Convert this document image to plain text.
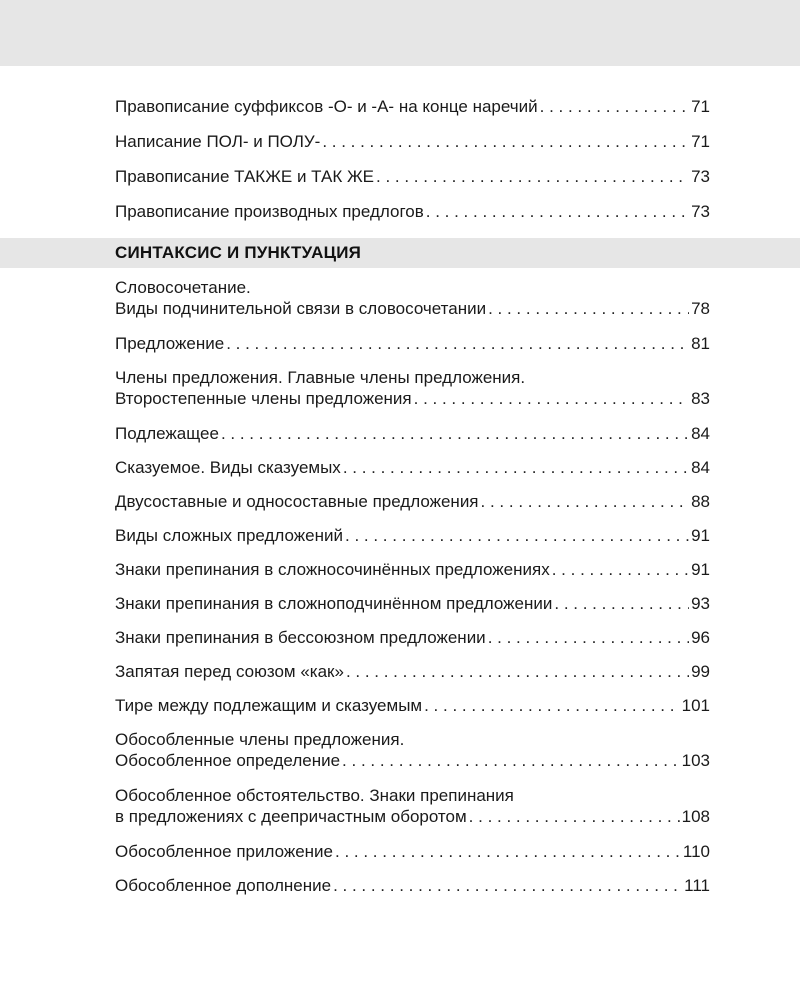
Правописание суффиксов -О- и -А- на конце наречий . . .	71
Написание ПОЛ- и ПОЛУ- . . .	71
Правописание ТАКЖЕ и ТАК ЖЕ . . .	73
Правописание производных предлогов . . .	73
СИНТАКСИС И ПУНКТУАЦИЯ
Словосочетание.
Виды подчинительной связи в словосочетании . . .	78
Предложение . . .	81
Члены предложения. Главные члены предложения.
Второстепенные члены предложения . . .	83
Подлежащее . . .	84
Сказуемое. Виды сказуемых . . .	84
Двусоставные и односоставные предложения . . .	88
Виды сложных предложений . . .	91
Знаки препинания в сложносочинённых предложениях . . .	91
Знаки препинания в сложноподчинённом предложении . . .	93
Знаки препинания в бессоюзном предложении . . .	96
Запятая перед союзом «как» . . .	99
Тире между подлежащим и сказуемым . . .	101
Обособленные члены предложения.
Обособленное определение . . .	103
Обособленное обстоятельство. Знаки препинания
в предложениях с деепричастным оборотом . . .	108
Обособленное приложение . . .	110
Обособленное дополнение . . .	111
